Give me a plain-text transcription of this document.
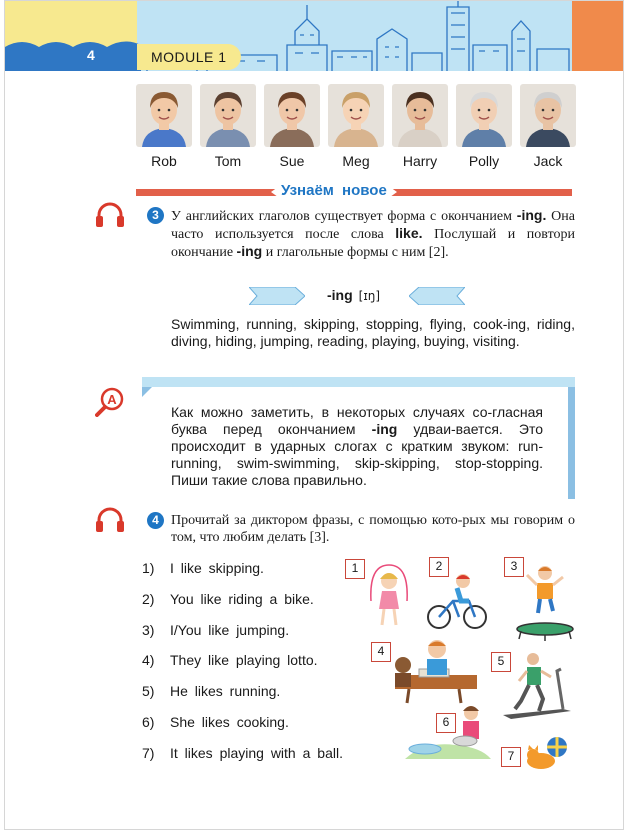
4	MODULE 1
Rob	Tom	Sue	Meg	Harry	Polly	Jack
Узнаём новое
3 У английских глаголов существует форма с окончанием -ing. Она часто используется после слова like. Послушай и повтори окончание -ing и глагольные формы с ним [2].
-ing [ɪŋ]
Swimming, running, skipping, stopping, flying, cook-ing, riding, diving, hiding, jumping, reading, playing, buying, visiting.
A
Как можно заметить, в некоторых случаях со-гласная буква перед окончанием -ing удваи-вается. Это происходит в ударных слогах с кратким звуком: run-running, swim-swimming, skip-skipping, stop-stopping. Пиши такие слова правильно.
4 Прочитай за диктором фразы, с помощью кото-рых мы говорим о том, что любим делать [3].
1) I like skipping.
2) You like riding a bike.
3) I/You like jumping.
4) They like playing lotto.
5) He likes running.
6) She likes cooking.
7) It likes playing with a ball.
1	2	3
4
5
6
7
